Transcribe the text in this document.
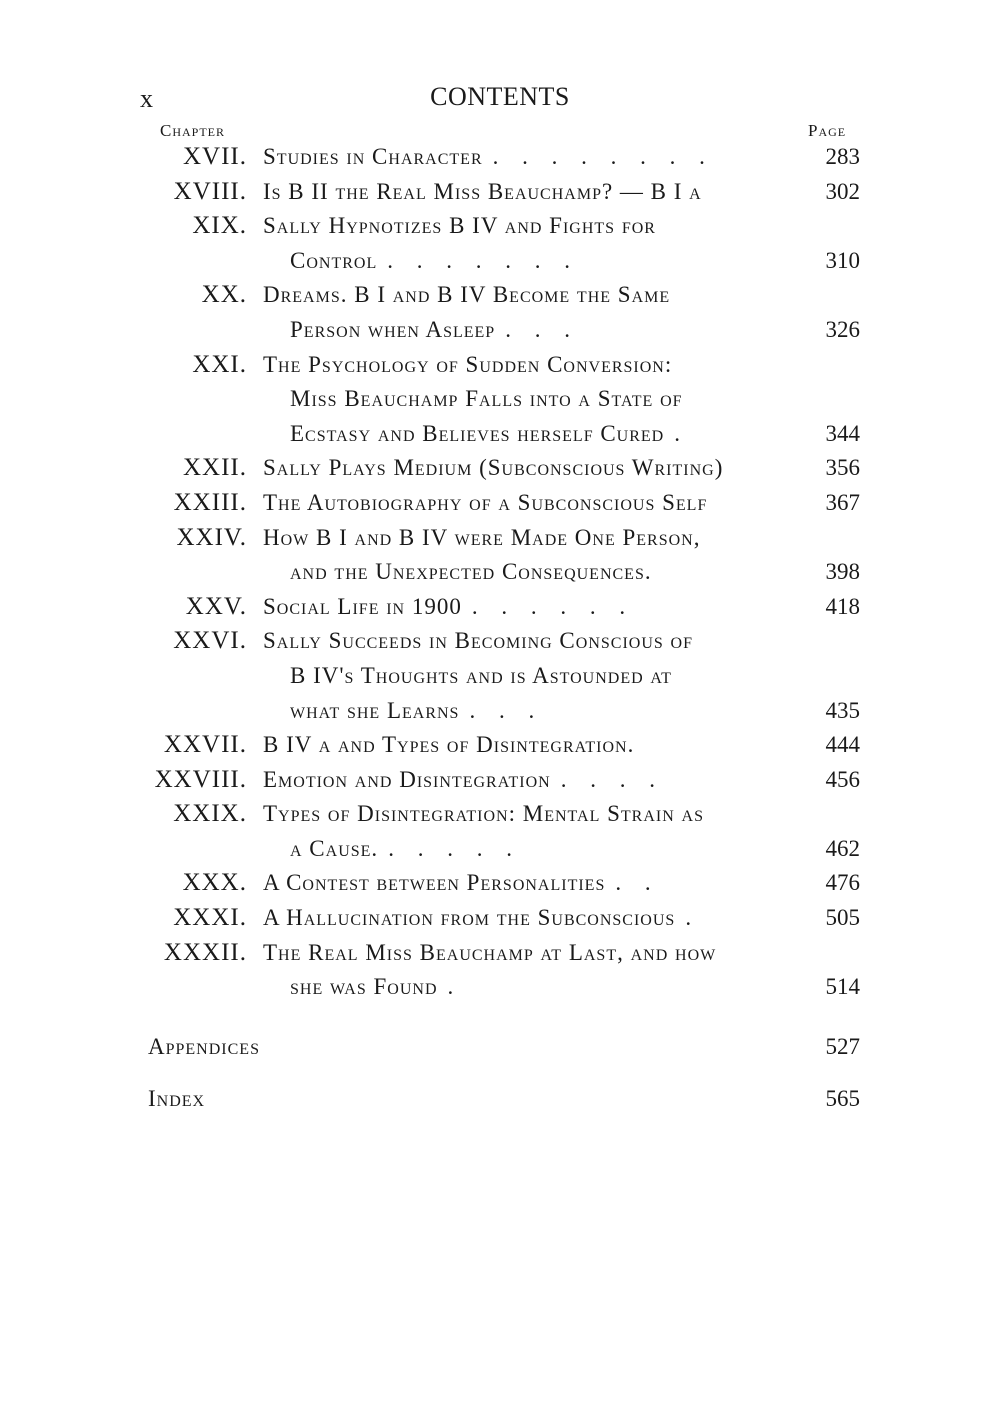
x	CONTENTS
Chapter	Page
XVII. Studies in Character . . . . . . . .	283
XVIII. Is B II the Real Miss Beauchamp? — B I a	302
XIX. Sally Hypnotizes B IV and Fights for
Control . . . . . . .	310
XX. Dreams. B I and B IV Become the Same
Person when Asleep . . .	326
XXI. The Psychology of Sudden Conversion:
Miss Beauchamp Falls into a State of
Ecstasy and Believes herself Cured .	344
XXII. Sally Plays Medium (Subconscious Writing)	356
XXIII. The Autobiography of a Subconscious Self	367
XXIV. How B I and B IV were Made One Person,
and the Unexpected Consequences.	398
XXV. Social Life in 1900 . . . . . .	418
XXVI. Sally Succeeds in Becoming Conscious of
B IV's Thoughts and is Astounded at
what she Learns . . .	435
XXVII. B IV a and Types of Disintegration.	444
XXVIII. Emotion and Disintegration . . . .	456
XXIX. Types of Disintegration: Mental Strain as
a Cause. . . . . .	462
XXX. A Contest between Personalities . .	476
XXXI. A Hallucination from the Subconscious .	505
XXXII. The Real Miss Beauchamp at Last, and how
she was Found .	514
Appendices	527
Index	565
